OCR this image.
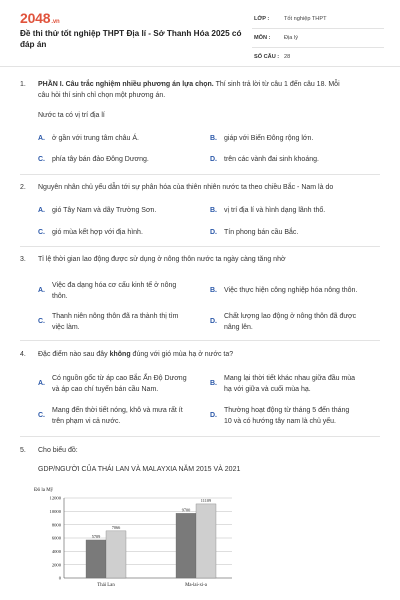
2048.vn
Đề thi thử tốt nghiệp THPT Địa lí - Sở Thanh Hóa 2025 có đáp án
LỚP :	Tốt nghiệp THPT
MÔN : Địa lý
SỐ CÂU : 28
1. PHẦN I. Câu trắc nghiệm nhiều phương án lựa chọn. Thí sinh trả lời từ câu 1 đến câu 18. Mỗi
câu hỏi thí sinh chỉ chọn một phương án.
Nước ta có vị trí địa lí
A. ở gần với trung tâm châu Á.	B. giáp với Biển Đông rộng lớn.
C. phía tây bán đảo Đông Dương.	D. trên các vành đai sinh khoáng.
2. Nguyên nhân chủ yếu dẫn tới sự phân hóa của thiên nhiên nước ta theo chiều Bắc - Nam là do
A. gió Tây Nam và dãy Trường Sơn.	B. vị trí địa lí và hình dạng lãnh thổ.
C. gió mùa kết hợp với địa hình.	D. Tín phong bán cầu Bắc.
3. Tỉ lệ thời gian lao động được sử dụng ở nông thôn nước ta ngày càng tăng nhờ
A.
Việc đa dạng hóa cơ cấu kinh tế ở nông
thôn.
B. Việc thực hiện công nghiệp hóa nông thôn.
C.
Thanh niên nông thôn đã ra thành thị tìm
việc làm.
D.
Chất lượng lao động ở nông thôn đã được
nâng lên.
4. Đặc điểm nào sau đây không đúng với gió mùa hạ ở nước ta?
A.
Có nguồn gốc từ áp cao Bắc Ấn Độ Dương
và áp cao chí tuyến bán cầu Nam.
B.
Mang lại thời tiết khác nhau giữa đầu mùa
hạ với giữa và cuối mùa hạ.
C.
Mang đến thời tiết nóng, khô và mưa rất ít
trên phạm vi cả nước.
D.
Thường hoạt động từ tháng 5 đến tháng
10 và có hướng tây nam là chủ yếu.
5. Cho biểu đồ:
GDP/NGƯỜI CỦA THÁI LAN VÀ MALAYXIA NĂM 2015 VÀ 2021
Đô la Mỹ
0
2000
4000
6000
8000
10000
12000
5709
7066
9700
11109
Thái Lan	Ma-lai-xi-a
